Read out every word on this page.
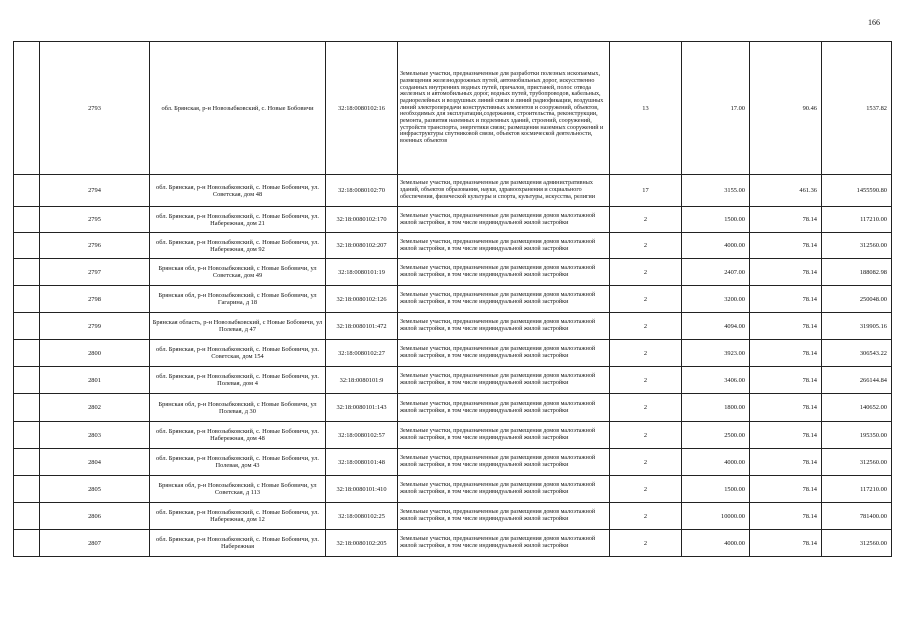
166
	2793	обл. Брянская, р-н Новозыбковский, с. Новые Бобовичи	32:18:0080102:16	Земельные участки, предназначенные для разработки полезных ископаемых, размещения железнодорожных путей, автомобильных дорог, искусственно созданных внутренних водных путей, причалов, пристаней, полос отвода железных и автомобильных дорог, водных путей, трубопроводов, кабельных, радиорелейных и воздушных линий связи и линий радиофикации, воздушных линий электропередачи конструктивных элементов и сооружений, объектов, необходимых для эксплуатации,содержания, строительства, реконструкции, ремонта, развития наземных и подземных зданий, строений, сооружений, устройств транспорта, энергетики связи; размещения наземных сооружений и инфраструктуры спутниковой связи, объектов космической деятельности, военных объектов	13	17.00	90.46	1537.82
	2794	обл. Брянская, р-н Новозыбковский, с. Новые Бобовичи, ул. Советская, дом 48	32:18:0080102:70	Земельные участки, предназначенные для размещения административных зданий, объектов образования, науки, здравоохранения и социального обеспечения, физической культуры и спорта, культуры, искусства, религии	17	3155.00	461.36	1455590.80
	2795	обл. Брянская, р-н Новозыбковский, с. Новые Бобовичи, ул. Набережная, дом 21	32:18:0080102:170	Земельные участки, предназначенные для размещения домов малоэтажной жилой застройки, в том числе индивидуальной жилой застройки	2	1500.00	78.14	117210.00
	2796	обл. Брянская, р-н Новозыбковский, с. Новые Бобовичи, ул. Набережная, дом 92	32:18:0080102:207	Земельные участки, предназначенные для размещения домов малоэтажной жилой застройки, в том числе индивидуальной жилой застройки	2	4000.00	78.14	312560.00
	2797	Брянская обл, р-н Новозыбковский, с Новые Бобовичи, ул Советская, дом 49	32:18:0080101:19	Земельные участки, предназначенные для размещения домов малоэтажной жилой застройки, в том числе индивидуальной жилой застройки	2	2407.00	78.14	188082.98
	2798	Брянская обл, р-н Новозыбковский, с Новые Бобовичи, ул Гагарина, д 18	32:18:0080102:126	Земельные участки, предназначенные для размещения домов малоэтажной жилой застройки, в том числе индивидуальной жилой застройки	2	3200.00	78.14	250048.00
	2799	Брянская область, р-н Новозыбковский, с Новые Бобовичи, ул Полевая, д 47	32:18:0080101:472	Земельные участки, предназначенные для размещения домов малоэтажной жилой застройки, в том числе индивидуальной жилой застройки	2	4094.00	78.14	319905.16
	2800	обл. Брянская, р-н Новозыбковский, с. Новые Бобовичи, ул. Советская, дом 154	32:18:0080102:27	Земельные участки, предназначенные для размещения домов малоэтажной жилой застройки, в том числе индивидуальной жилой застройки	2	3923.00	78.14	306543.22
	2801	обл. Брянская, р-н Новозыбковский, с. Новые Бобовичи, ул. Полевая, дом 4	32:18:0080101:9	Земельные участки, предназначенные для размещения домов малоэтажной жилой застройки, в том числе индивидуальной жилой застройки	2	3406.00	78.14	266144.84
	2802	Брянская обл, р-н Новозыбковский, с Новые Бобовичи, ул Полевая, д 30	32:18:0080101:143	Земельные участки, предназначенные для размещения домов малоэтажной жилой застройки, в том числе индивидуальной жилой застройки	2	1800.00	78.14	140652.00
	2803	обл. Брянская, р-н Новозыбковский, с. Новые Бобовичи, ул. Набережная, дом 48	32:18:0080102:57	Земельные участки, предназначенные для размещения домов малоэтажной жилой застройки, в том числе индивидуальной жилой застройки	2	2500.00	78.14	195350.00
	2804	обл. Брянская, р-н Новозыбковский, с. Новые Бобовичи, ул. Полевая, дом 43	32:18:0080101:48	Земельные участки, предназначенные для размещения домов малоэтажной жилой застройки, в том числе индивидуальной жилой застройки	2	4000.00	78.14	312560.00
	2805	Брянская обл, р-н Новозыбковский, с Новые Бобовичи, ул Советская, д 113	32:18:0080101:410	Земельные участки, предназначенные для размещения домов малоэтажной жилой застройки, в том числе индивидуальной жилой застройки	2	1500.00	78.14	117210.00
	2806	обл. Брянская, р-н Новозыбковский, с. Новые Бобовичи, ул. Набережная, дом 12	32:18:0080102:25	Земельные участки, предназначенные для размещения домов малоэтажной жилой застройки, в том числе индивидуальной жилой застройки	2	10000.00	78.14	781400.00
	2807	обл. Брянская, р-н Новозыбковский, с. Новые Бобовичи, ул. Набережная	32:18:0080102:205	Земельные участки, предназначенные для размещения домов малоэтажной жилой застройки, в том числе индивидуальной жилой застройки	2	4000.00	78.14	312560.00
